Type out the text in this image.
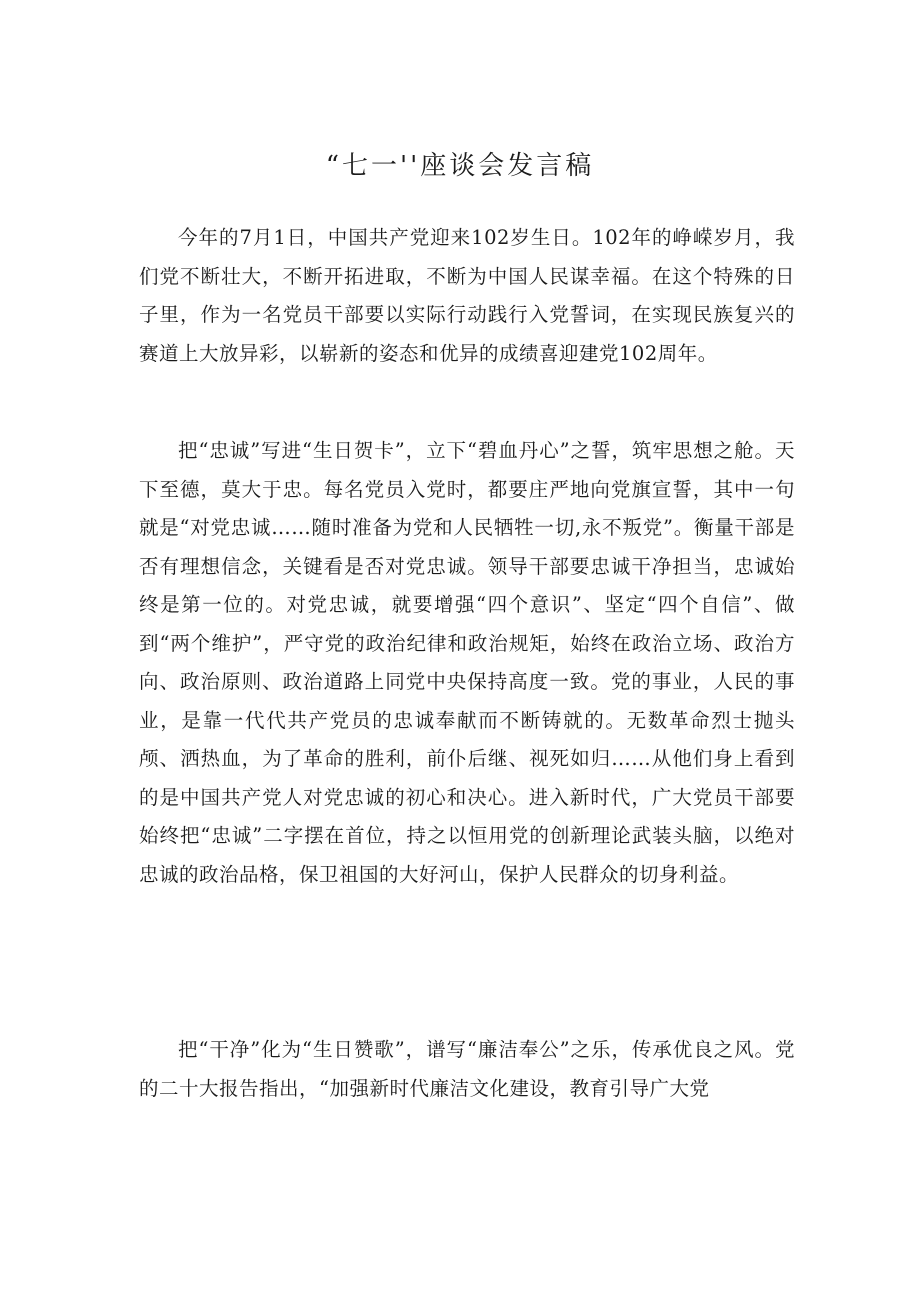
“七一''座谈会发言稿

今年的7月1日，中国共产党迎来102岁生日。102年的峥嵘岁月，我们党不断壮大，不断开拓进取，不断为中国人民谋幸福。在这个特殊的日子里，作为一名党员干部要以实际行动践行入党誓词，在实现民族复兴的赛道上大放异彩，以崭新的姿态和优异的成绩喜迎建党102周年。

把“忠诚”写进“生日贺卡”，立下“碧血丹心”之誓，筑牢思想之舱。天下至德，莫大于忠。每名党员入党时，都要庄严地向党旗宣誓，其中一句就是“对党忠诚……随时准备为党和人民牺牲一切,永不叛党”。衡量干部是否有理想信念，关键看是否对党忠诚。领导干部要忠诚干净担当，忠诚始终是第一位的。对党忠诚，就要增强“四个意识”、坚定“四个自信”、做到“两个维护”，严守党的政治纪律和政治规矩，始终在政治立场、政治方向、政治原则、政治道路上同党中央保持高度一致。党的事业，人民的事业，是靠一代代共产党员的忠诚奉献而不断铸就的。无数革命烈士抛头颅、洒热血，为了革命的胜利，前仆后继、视死如归……从他们身上看到的是中国共产党人对党忠诚的初心和决心。进入新时代，广大党员干部要始终把“忠诚”二字摆在首位，持之以恒用党的创新理论武装头脑，以绝对忠诚的政治品格，保卫祖国的大好河山，保护人民群众的切身利益。

把“干净”化为“生日赞歌”，谱写“廉洁奉公”之乐，传承优良之风。党的二十大报告指出，“加强新时代廉洁文化建设，教育引导广大党
